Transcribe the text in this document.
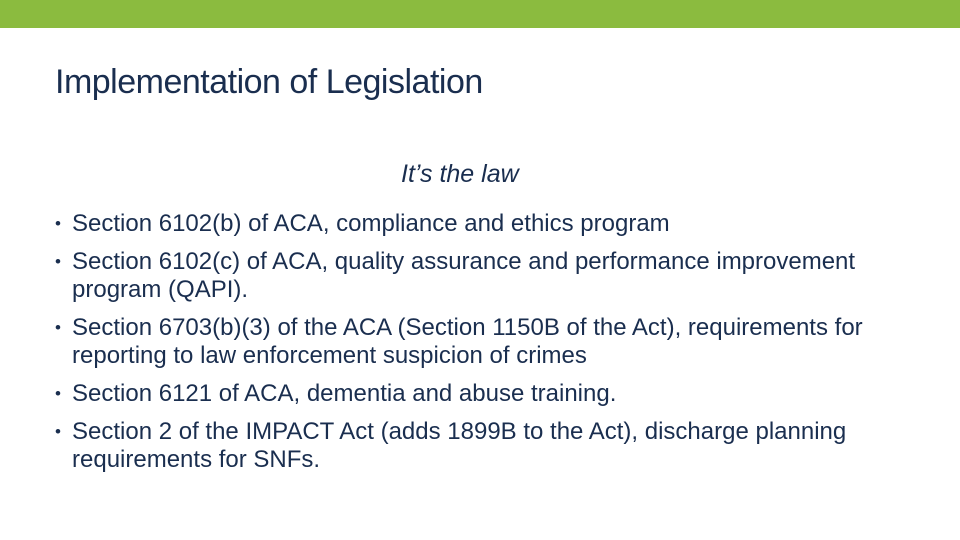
Implementation of Legislation
It’s the law
• Section 6102(b) of ACA, compliance and ethics program
• Section 6102(c) of ACA, quality assurance and performance improvement program (QAPI).
• Section 6703(b)(3) of the ACA (Section 1150B of the Act), requirements for reporting to law enforcement suspicion of crimes
• Section 6121 of ACA, dementia and abuse training.
• Section 2 of the IMPACT Act (adds 1899B to the Act), discharge planning requirements for SNFs.
